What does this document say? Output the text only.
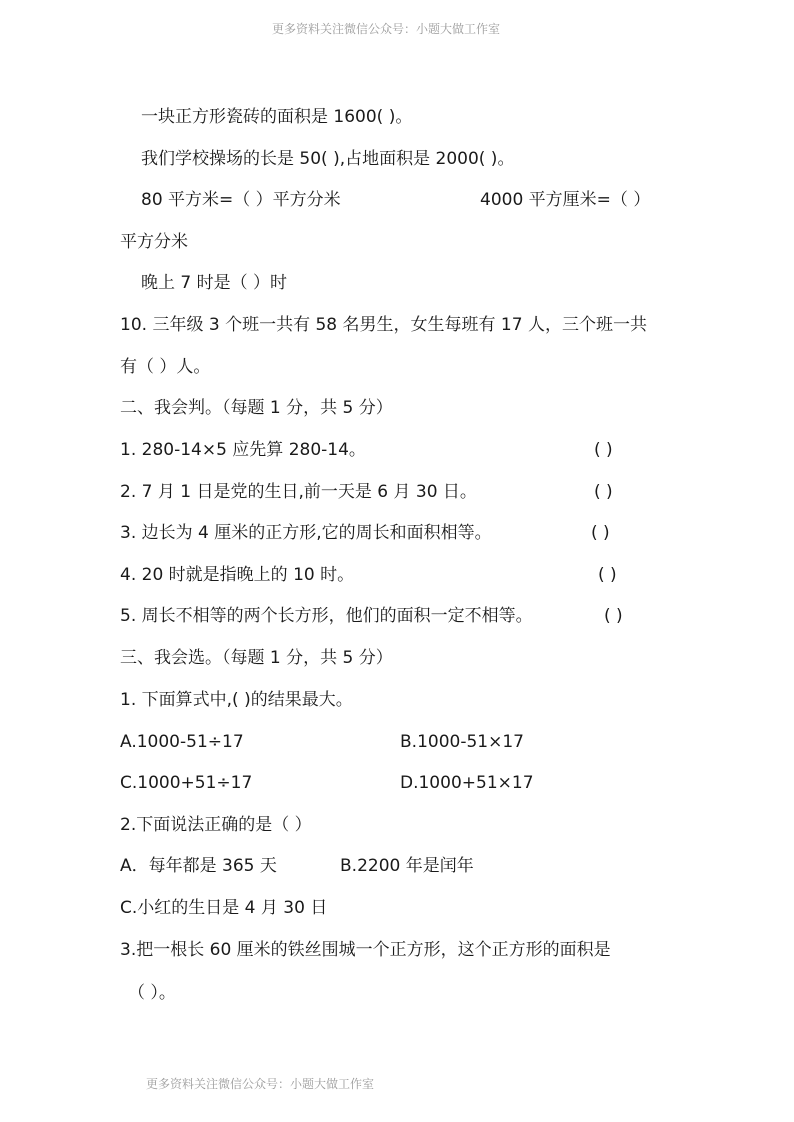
更多资料关注微信公众号：小题大做工作室
一块正方形瓷砖的面积是 1600( )。
我们学校操场的长是 50( ),占地面积是 2000( )。
80 平方米=（ ）平方分米	4000 平方厘米=（ ）
平方分米
晚上 7 时是（ ）时
10. 三年级 3 个班一共有 58 名男生，女生每班有 17 人，三个班一共
有（ ）人。
二、我会判。（每题 1 分，共 5 分）
1. 280-14×5 应先算 280-14。	( )
2. 7 月 1 日是党的生日,前一天是 6 月 30 日。	( )
3. 边长为 4 厘米的正方形,它的周长和面积相等。	( )
4. 20 时就是指晚上的 10 时。	( )
5. 周长不相等的两个长方形，他们的面积一定不相等。	( )
三、我会选。（每题 1 分，共 5 分）
1. 下面算式中,( )的结果最大。
A.1000-51÷17	B.1000-51×17
C.1000+51÷17	D.1000+51×17
2.下面说法正确的是（ ）
A．每年都是 365 天	B.2200 年是闰年
C.小红的生日是 4 月 30 日
3.把一根长 60 厘米的铁丝围城一个正方形，这个正方形的面积是
（ ）。
更多资料关注微信公众号：小题大做工作室
